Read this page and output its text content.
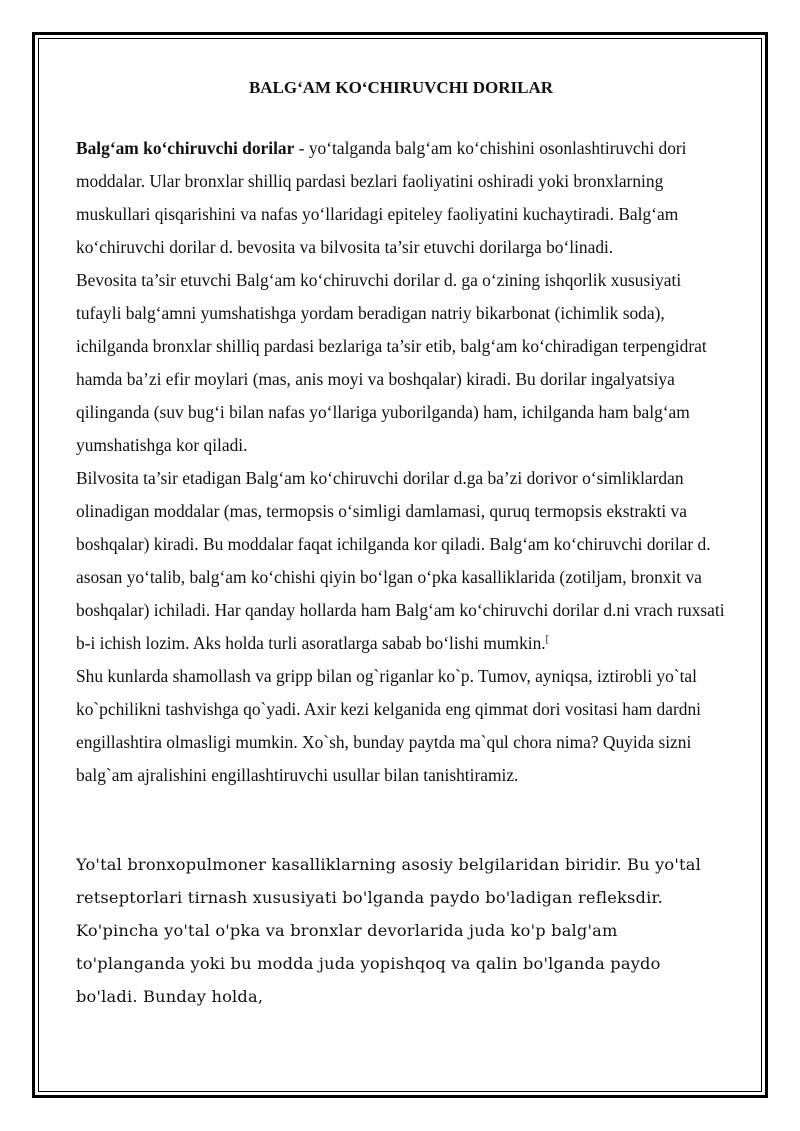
BALG‘AM KO‘CHIRUVCHI DORILAR

Balg‘am ko‘chiruvchi dorilar - yo‘talganda balg‘am ko‘chishini osonlashtiruvchi dori moddalar. Ular bronxlar shilliq pardasi bezlari faoliyatini oshiradi yoki bronxlarning muskullari qisqarishini va nafas yo‘llaridagi epiteley faoliyatini kuchaytiradi. Balg‘am ko‘chiruvchi dorilar d. bevosita va bilvosita ta’sir etuvchi dorilarga bo‘linadi.

Bevosita ta’sir etuvchi Balg‘am ko‘chiruvchi dorilar d. ga o‘zining ishqorlik xususiyati tufayli balg‘amni yumshatishga yordam beradigan natriy bikarbonat (ichimlik soda), ichilganda bronxlar shilliq pardasi bezlariga ta’sir etib, balg‘am ko‘chiradigan terpengidrat hamda ba’zi efir moylari (mas, anis moyi va boshqalar) kiradi. Bu dorilar ingalyatsiya qilinganda (suv bug‘i bilan nafas yo‘llariga yuborilganda) ham, ichilganda ham balg‘am yumshatishga kor qiladi.

Bilvosita ta’sir etadigan Balg‘am ko‘chiruvchi dorilar d.ga ba’zi dorivor o‘simliklardan olinadigan moddalar (mas, termopsis o‘simligi damlamasi, quruq termopsis ekstrakti va boshqalar) kiradi. Bu moddalar faqat ichilganda kor qiladi. Balg‘am ko‘chiruvchi dorilar d. asosan yo‘talib, balg‘am ko‘chishi qiyin bo‘lgan o‘pka kasalliklarida (zotiljam, bronxit va boshqalar) ichiladi. Har qanday hollarda ham Balg‘am ko‘chiruvchi dorilar d.ni vrach ruxsati b-i ichish lozim. Aks holda turli asoratlarga sabab bo‘lishi mumkin.[

Shu kunlarda shamollash va gripp bilan og`riganlar ko`p. Tumov, ayniqsa, iztirobli yo`tal ko`pchilikni tashvishga qo`yadi. Axir kezi kelganida eng qimmat dori vositasi ham dardni engillashtira olmasligi mumkin. Xo`sh, bunday paytda ma`qul chora nima? Quyida sizni balg`am ajralishini engillashtiruvchi usullar bilan tanishtiramiz.

Yo'tal bronxopulmoner kasalliklarning asosiy belgilaridan biridir. Bu yo'tal retseptorlari tirnash xususiyati bo'lganda paydo bo'ladigan refleksdir. Ko'pincha yo'tal o'pka va bronxlar devorlarida juda ko'p balg'am to'planganda yoki bu modda juda yopishqoq va qalin bo'lganda paydo bo'ladi. Bunday holda,
